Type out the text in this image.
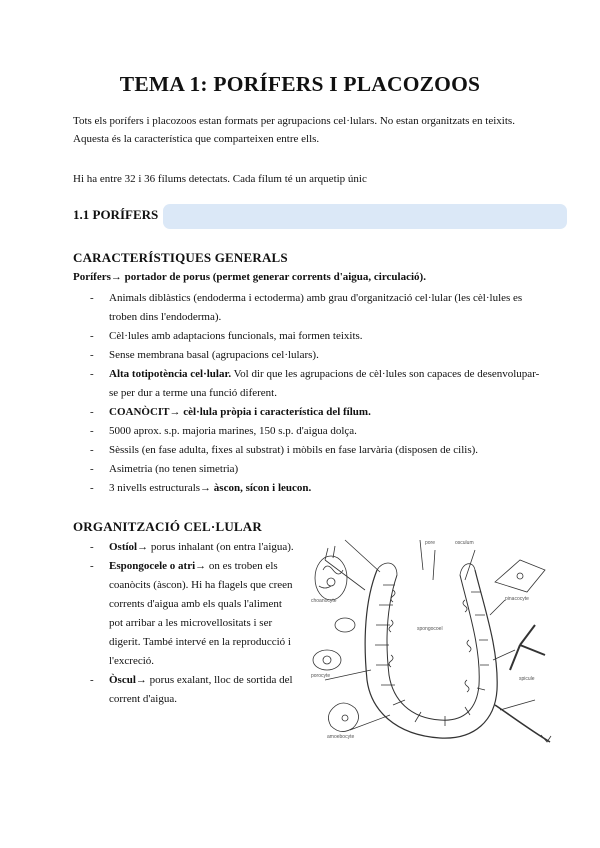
TEMA 1: PORÍFERS I PLACOZOOS

Tots els porífers i placozoos estan formats per agrupacions cel·lulars. No estan organitzats en teixits.

Aquesta és la característica que comparteixen entre ells.

Hi ha entre 32 i 36 fílums detectats. Cada fílum té un arquetip únic

1.1 PORÍFERS

CARACTERÍSTIQUES GENERALS

Porífers→ portador de porus (permet generar corrents d'aigua, circulació).

- Animals diblàstics (endoderma i ectoderma) amb grau d'organització cel·lular (les cèl·lules es troben dins l'endoderma).
- Cèl·lules amb adaptacions funcionals, mai formen teixits.
- Sense membrana basal (agrupacions cel·lulars).
- Alta totipotència cel·lular. Vol dir que les agrupacions de cèl·lules son capaces de desenvolupar-se per dur a terme una funció diferent.
- COANÒCIT→ cèl·lula pròpia i característica del fílum.
- 5000 aprox. s.p. majoria marines, 150 s.p. d'aigua dolça.
- Sèssils (en fase adulta, fixes al substrat) i mòbils en fase larvària (disposen de cilis).
- Asimetria (no tenen simetria)
- 3 nivells estructurals→ àscon, sícon i leucon.

ORGANITZACIÓ CEL·LULAR

- Ostíol→ porus inhalant (on entra l'aigua).
- Espongocele o atri→ on es troben els coanòcits (àscon). Hi ha flagels que creen corrents d'aigua amb els quals l'aliment pot arribar a les microvellositats i ser digerit. També intervé en la reproducció i l'excreció.
- Òscul→ porus exalant, lloc de sortida del corrent d'aigua.
choanocyte
pore
porocyte
amoebocyte
spongocoel
pinacocyte
spicule
osculum
